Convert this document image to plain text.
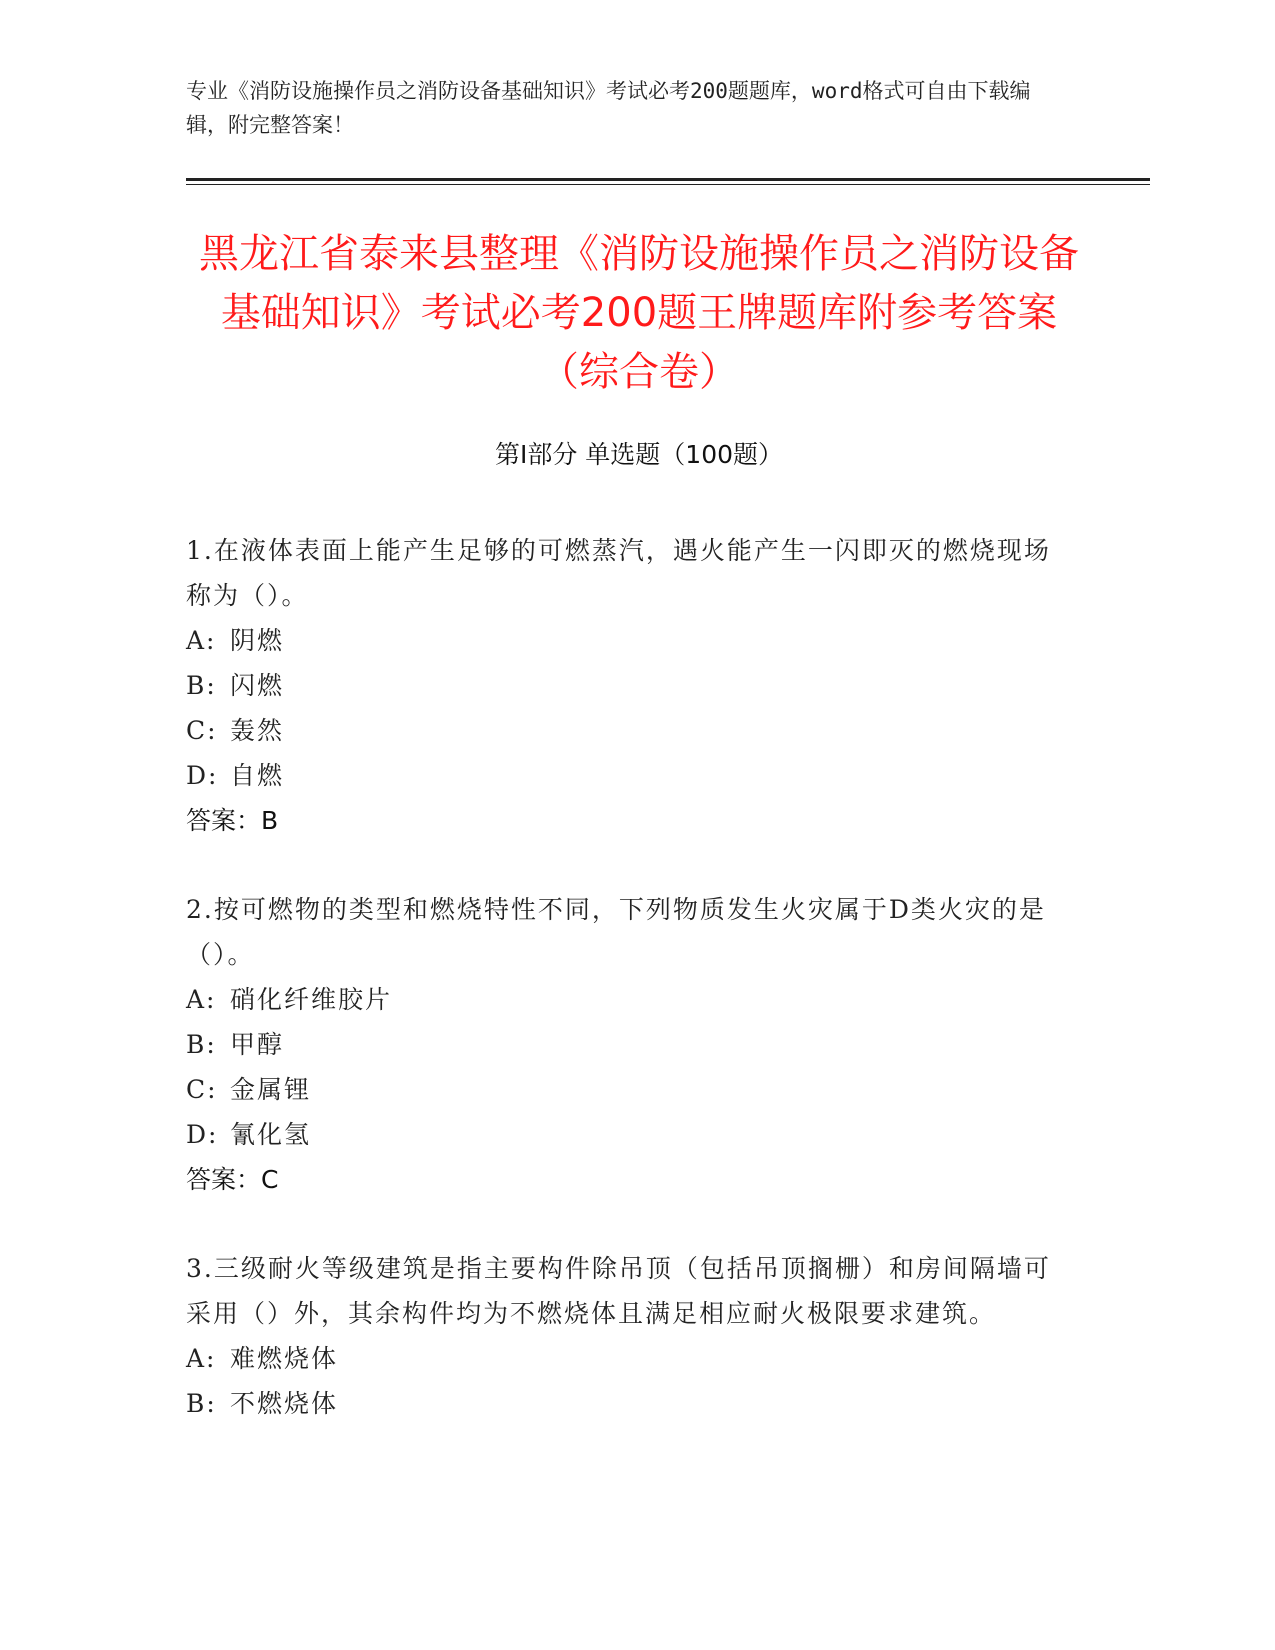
专业《消防设施操作员之消防设备基础知识》考试必考200题题库，word格式可自由下载编辑，附完整答案！
黑龙江省泰来县整理《消防设施操作员之消防设备基础知识》考试必考200题王牌题库附参考答案（综合卷）
第Ⅰ部分 单选题（100题）

1.在液体表面上能产生足够的可燃蒸汽，遇火能产生一闪即灭的燃烧现场称为（）。

A: 阴燃

B: 闪燃

C: 轰然

D: 自燃

答案：B

2.按可燃物的类型和燃烧特性不同，下列物质发生火灾属于D类火灾的是（）。

A: 硝化纤维胶片

B: 甲醇

C: 金属锂

D: 氰化氢

答案：C

3.三级耐火等级建筑是指主要构件除吊顶（包括吊顶搁栅）和房间隔墙可采用（）外，其余构件均为不燃烧体且满足相应耐火极限要求建筑。

A: 难燃烧体

B: 不燃烧体
